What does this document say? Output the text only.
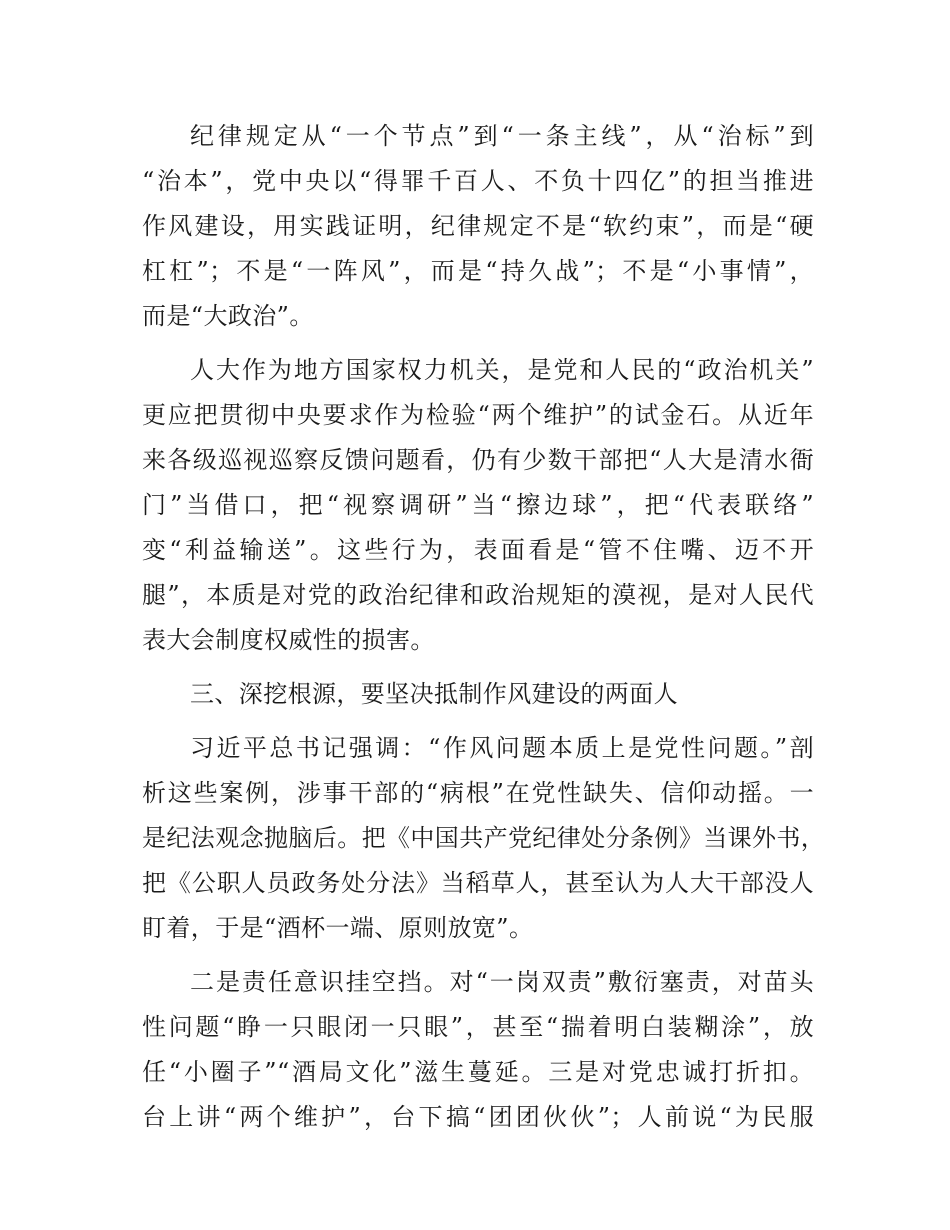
纪律规定从“一个节点”到“一条主线”，从“治标”到
“治本”，党中央以“得罪千百人、不负十四亿”的担当推进
作风建设，用实践证明，纪律规定不是“软约束”，而是“硬
杠杠”；不是“一阵风”，而是“持久战”；不是“小事情”，
而是“大政治”。
人大作为地方国家权力机关，是党和人民的“政治机关”
更应把贯彻中央要求作为检验“两个维护”的试金石。从近年
来各级巡视巡察反馈问题看，仍有少数干部把“人大是清水衙
门”当借口，把“视察调研”当“擦边球”，把“代表联络”
变“利益输送”。这些行为，表面看是“管不住嘴、迈不开
腿”，本质是对党的政治纪律和政治规矩的漠视，是对人民代
表大会制度权威性的损害。
三、深挖根源，要坚决抵制作风建设的两面人
习近平总书记强调：“作风问题本质上是党性问题。”剖
析这些案例，涉事干部的“病根”在党性缺失、信仰动摇。一
是纪法观念抛脑后。把《中国共产党纪律处分条例》当课外书，
把《公职人员政务处分法》当稻草人，甚至认为人大干部没人
盯着，于是“酒杯一端、原则放宽”。
二是责任意识挂空挡。对“一岗双责”敷衍塞责，对苗头
性问题“睁一只眼闭一只眼”，甚至“揣着明白装糊涂”，放
任“小圈子”“酒局文化”滋生蔓延。三是对党忠诚打折扣。
台上讲“两个维护”，台下搞“团团伙伙”；人前说“为民服
